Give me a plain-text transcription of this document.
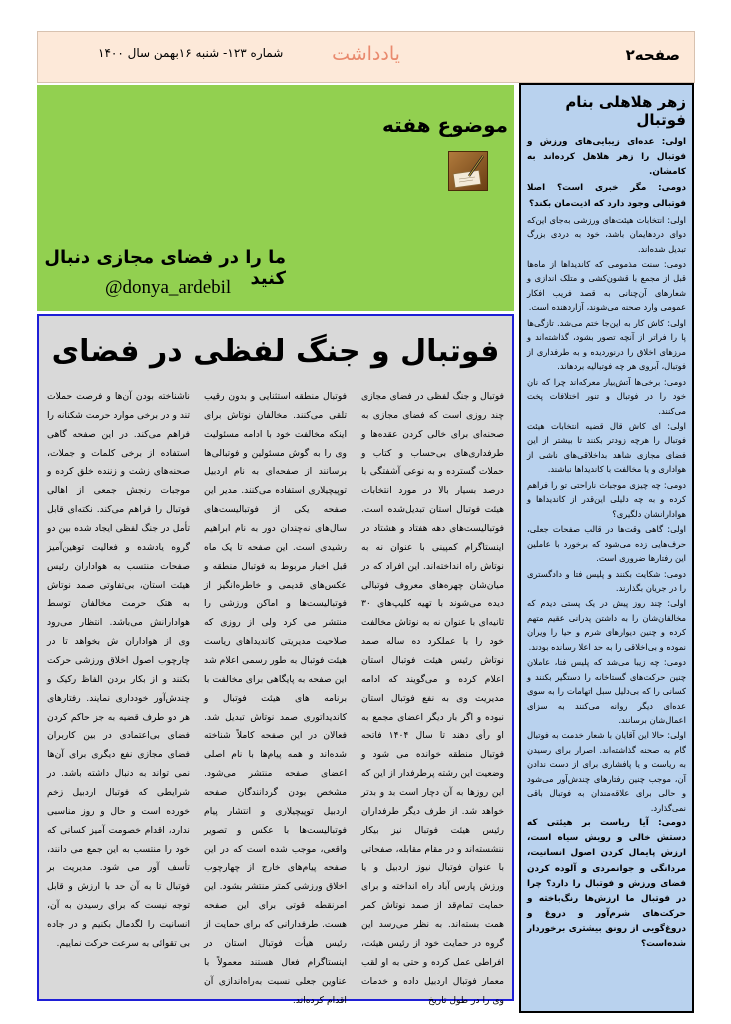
صفحه۲
یادداشت
شماره ۱۲۳- شنبه ۱۶بهمن سال ۱۴۰۰
موضوع هفته
ما را در فضای مجازی دنبال کنید
@donya_ardebil
زهر هلاهلی بنام فوتبال

اولی: عده‌ای زیبایی‌های ورزش و فوتبال را زهر هلاهل کرده‌اند به کامشان.

دومی: مگر خبری است؟ اصلا فوتبالی وجود دارد که اذیت‌مان بکند؟

اولی: انتخابات هیئت‌های ورزشی به‌جای این‌که دوای دردهایمان باشد، خود به دردی بزرگ تبدیل شده‌اند.

دومی: سنت مذمومی که کاندیداها از ماه‌ها قبل از مجمع با قشون‌کشی و متلک اندازی و شعارهای آن‌چنانی به قصد فریب افکار عمومی وارد صحنه می‌شوند، آزاردهنده است.

اولی: کاش کار به این‌جا ختم می‌شد. تازگی‌ها پا را فراتر از آنچه تصور بشود، گذاشته‌اند و مرزهای اخلاق را درنوردیده و به طرفداری از فوتبال، آبروی هر چه فوتبالیه بردهاند.

دومی: برخی‌ها آتش‌بیار معرکه‌اند چرا که نان خود را در فوتبال و تنور اختلافات پخت می‌کنند.

اولی: ای کاش قال قضیه انتخابات هیئت فوتبال را هرچه زودتر بکنند تا بیشتر از این فضای مجازی شاهد بداخلاقی‌های ناشی از هواداری و یا مخالفت با کاندیداها نباشند.

دومی: چه چیزی موجبات ناراحتی تو را فراهم کرده و به چه دلیلی این‌قدر از کاندیداها و هوادارانشان دلگیری؟

اولی: گاهی وقت‌ها در قالب صفحات جعلی، حرف‌هایی زده می‌شود که برخورد با عاملین این رفتارها ضروری است.

دومی: شکایت بکنند و پلیس فتا و دادگستری را در جریان بگذارند.

اولی: چند روز پیش در یک پستی دیدم که مخالفان‌شان را به داشتن پدرانی عقیم متهم کرده و چنین دیوارهای شرم و حیا را ویران نموده و بی‌اخلاقی را به حد اعلا رسانده بودند.

دومی: چه زیبا می‌شد که پلیس فتا، عاملان چنین حرکت‌های گستاخانه را دستگیر بکنند و کسانی را که بی‌دلیل سبل اتهامات را به سوی عده‌ای دیگر روانه می‌کنند به سزای اعمال‌شان برسانند.

اولی: حالا این آقایان با شعار خدمت به فوتبال گام به صحنه گذاشته‌اند. اصرار برای رسیدن به ریاست و یا پافشاری برای از دست ندادن آن، موجب چنین رفتارهای چندش‌آور می‌شود و حالی برای علاقه‌مندان به فوتبال باقی نمی‌گذارد.

دومی: آیا ریاست بر هیئتی که دستش خالی و رویش سیاه است، ارزش پایمال کردن اصول انسانیت، مردانگی و جوانمردی و آلوده کردن فضای ورزش و فوتبال را دارد؟ چرا در فوتبال ما ارزش‌ها رنگ‌باخته و حرکت‌های شرم‌آور و دروغ و دروغ‌گویی از رونق بیشتری برخوردار شده‌است؟

فوتبال و جنگ لفظی در فضای
فوتبال و جنگ لفظی در فضای مجازی چند روزی است که فضای مجازی به صحنه‌ای برای خالی کردن عقده‌ها و طرفداری‌های بی‌حساب و کتاب و حملات گسترده و به نوعی آشفتگی با درصد بسیار بالا در مورد انتخابات هیئت فوتبال استان تبدیل‌شده است. فوتبالیست‌های دهه هفتاد و هشتاد در اینستاگرام کمپینی با عنوان نه به نوتاش راه انداخته‌اند. این افراد که در میان‌شان چهره‌های معروف فوتبالی دیده می‌شوند با تهیه کلیپ‌های ۳۰ ثانیه‌ای با عنوان نه به نوتاش مخالفت خود را با عملکرد ده ساله صمد نوتاش رئیس هیئت فوتبال استان اعلام کرده و می‌گویند که ادامه مدیریت وی به نفع فوتبال استان نبوده و اگر بار دیگر اعضای مجمع به او رأی دهند تا سال ۱۴۰۴ فاتحه فوتبال منطقه خوانده می شود و وضعیت این رشته پرطرفدار از این که این روزها به آن دچار است بد و بدتر خواهد شد. از طرف دیگر طرفداران رئیس هیئت فوتبال نیز بیکار ننشسته‌اند و در مقام مقابله، صفحاتی با عنوان فوتبال نیوز اردبیل و یا ورزش پارس آباد راه انداخته و برای حمایت تمام‌قد از صمد نوتاش کمر همت بسته‌اند. به نظر می‌رسد این گروه در حمایت خود از رئیس هیئت، افراطی عمل کرده و حتی به او لقب معمار فوتبال اردبیل داده و خدمات وی را در طول تاریخ
فوتبال منطقه استثنایی و بدون رقیب تلقی می‌کنند. مخالفان نوتاش برای اینکه مخالفت خود با ادامه مسئولیت وی را به گوش مسئولین و فوتبالی‌ها برسانند از صفحه‌ای به نام اردبیل توپیچیلاری استفاده می‌کنند. مدیر این صفحه یکی از فوتبالیست‌های سال‌های نه‌چندان دور به نام ابراهیم رشیدی است. این صفحه تا یک ماه قبل اخبار مربوط به فوتبال منطقه و عکس‌های قدیمی و خاطره‌انگیز از فوتبالیست‌ها و اماکن ورزشی را منتشر می کرد ولی از روزی که صلاحیت مدیریتی کاندیداهای ریاست هیئت فوتبال به طور رسمی اعلام شد این صفحه به پایگاهی برای مخالفت با برنامه های هیئت فوتبال و کاندیداتوری صمد نوتاش تبدیل شد. فعالان در این صفحه کاملاً شناخته شده‌اند و همه پیام‌ها با نام اصلی اعضای صفحه منتشر می‌شود. مشخص بودن گردانندگان صفحه اردبیل توپیچیلاری و انتشار پیام فوتبالیست‌ها با عکس و تصویر واقعی، موجب شده است که در این صفحه پیام‌های خارج از چهارچوب اخلاق ورزشی کمتر منتشر بشود. این امرنقطه قوتی برای این صفحه هست. طرفدارانی که برای حمایت از رئیس هیأت فوتبال استان در اینستاگرام فعال هستند معمولاً با عناوین جعلی نسبت به‌راه‌اندازی آن اقدام کرده‌اند.
ناشناخته بودن آن‌ها و فرصت حملات تند و در برخی موارد حرمت شکنانه را فراهم می‌کند. در این صفحه گاهی استفاده از برخی کلمات و جملات، صحنه‌های زشت و زننده خلق کرده و موجبات رنجش جمعی از اهالی فوتبال را فراهم می‌کند. نکته‌ای قابل تأمل در جنگ لفظی ایجاد شده بین دو گروه یادشده و فعالیت توهین‌آمیز صفحات منتسب به هواداران رئیس هیئت استان، بی‌تفاوتی صمد نوتاش به هتک حرمت مخالفان توسط هوادارانش می‌باشد. انتظار می‌رود وی از هواداران ش بخواهد تا در چارچوب اصول اخلاق ورزشی حرکت بکنند و از بکار بردن الفاظ رکیک و چندش‌آور خودداری نمایند. رفتارهای هر دو طرف قضیه به جز حاکم کردن فضای بی‌اعتمادی در بین کاربران فضای مجازی نفع دیگری برای آن‌ها نمی تواند به دنبال داشته باشد. در شرایطی که فوتبال اردبیل زخم خورده است و حال و روز مناسبی ندارد، اقدام خصومت آمیز کسانی که خود را منتسب به این جمع می دانند، تأسف آور می شود. مدیریت بر فوتبال تا به آن حد با ارزش و قابل توجه نیست که برای رسیدن به آن، انسانیت را لگدمال بکنیم و در جاده بی تقوائی به سرعت حرکت نماییم.
